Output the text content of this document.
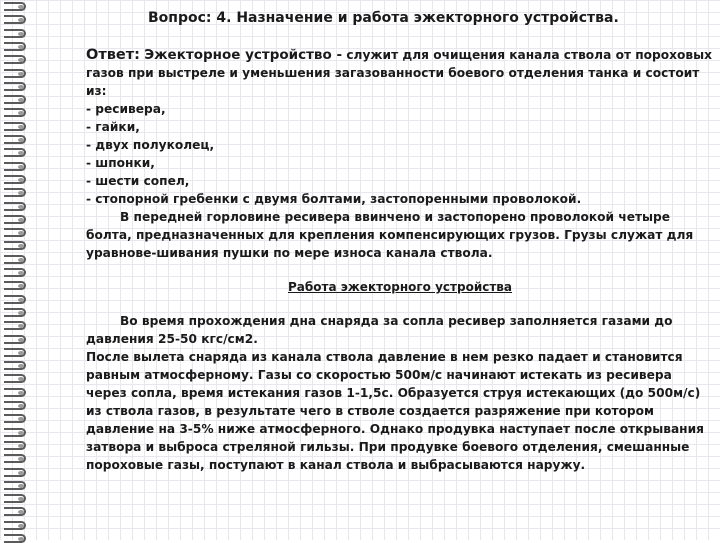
Вопрос: 4. Назначение и работа эжекторного устройства.

Ответ: Эжекторное устройство - служит для очищения канала ствола от пороховых газов при выстреле и уменьшения загазованности боевого отделения танка и состоит из:

- ресивера,
- гайки,
- двух полуколец,
- шпонки,
- шести сопел,
- стопорной гребенки с двумя болтами, застопоренными проволокой.

В передней горловине ресивера ввинчено и застопорено проволокой четыре болта, предназначенных для крепления компенсирующих грузов. Грузы служат для уравнове-шивания пушки по мере износа канала ствола.

Работа эжекторного устройства

Во время прохождения дна снаряда за сопла ресивер заполняется газами до давления 25-50 кгс/см2.

После вылета снаряда из канала ствола давление в нем резко падает и становится равным атмосферному. Газы со скоростью 500м/с начинают истекать из ресивера через сопла, время истекания газов 1-1,5с. Образуется струя истекающих (до 500м/с) из ствола газов, в результате чего в стволе создается разряжение при котором давление на 3-5% ниже атмосферного. Однако продувка наступает после открывания затвора и выброса стреляной гильзы. При продувке боевого отделения, смешанные пороховые газы, поступают в канал ствола и выбрасываются наружу.
